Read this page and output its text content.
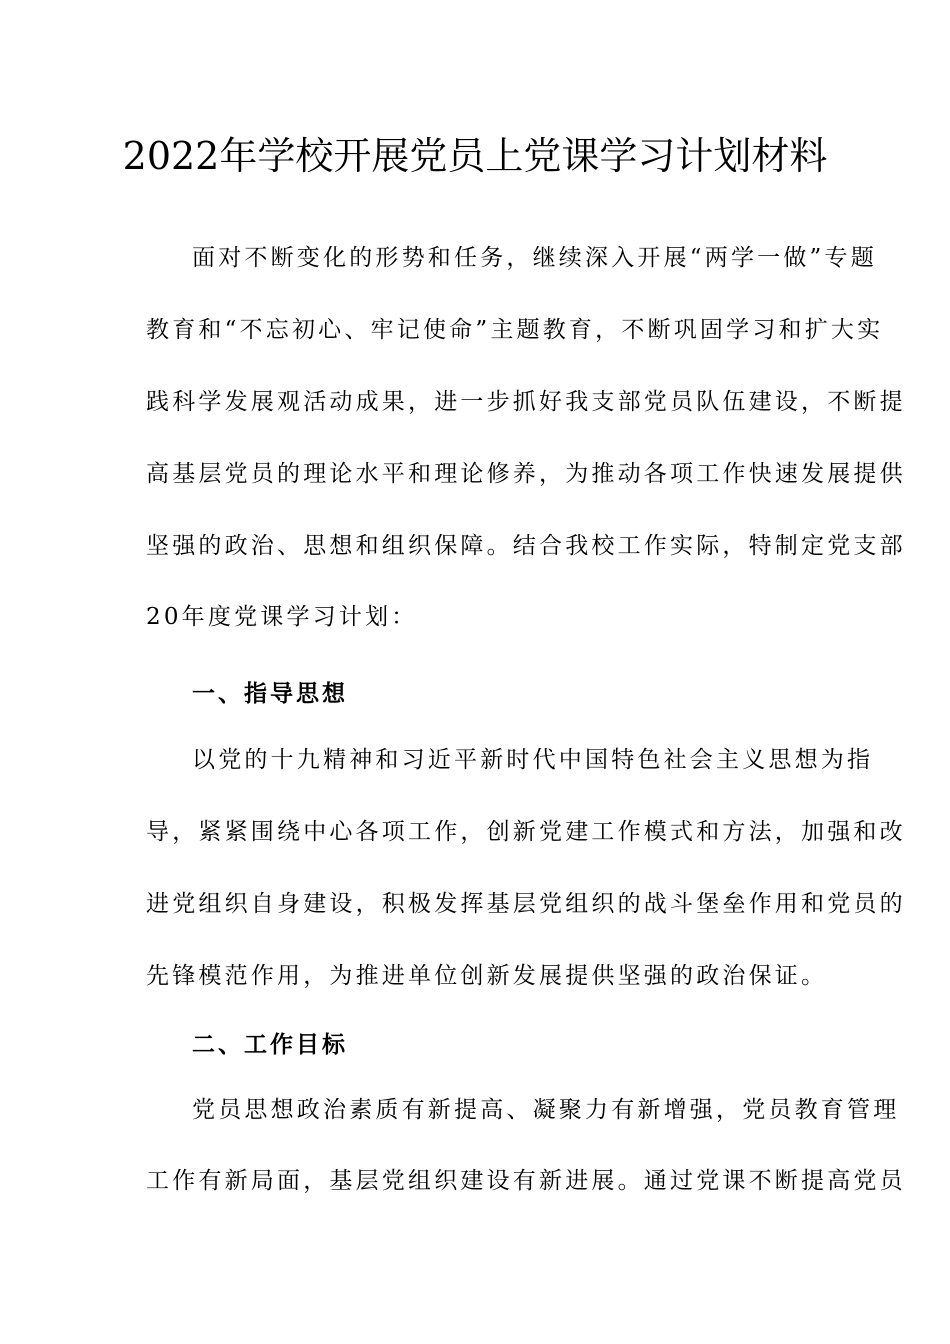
2022年学校开展党员上党课学习计划材料

面对不断变化的形势和任务，继续深入开展“两学一做”专题

教育和“不忘初心、牢记使命”主题教育，不断巩固学习和扩大实

践科学发展观活动成果，进一步抓好我支部党员队伍建设，不断提

高基层党员的理论水平和理论修养，为推动各项工作快速发展提供

坚强的政治、思想和组织保障。结合我校工作实际，特制定党支部

20年度党课学习计划：

一、指导思想

以党的十九精神和习近平新时代中国特色社会主义思想为指

导，紧紧围绕中心各项工作，创新党建工作模式和方法，加强和改

进党组织自身建设，积极发挥基层党组织的战斗堡垒作用和党员的

先锋模范作用，为推进单位创新发展提供坚强的政治保证。

二、工作目标

党员思想政治素质有新提高、凝聚力有新增强，党员教育管理

工作有新局面，基层党组织建设有新进展。通过党课不断提高党员
